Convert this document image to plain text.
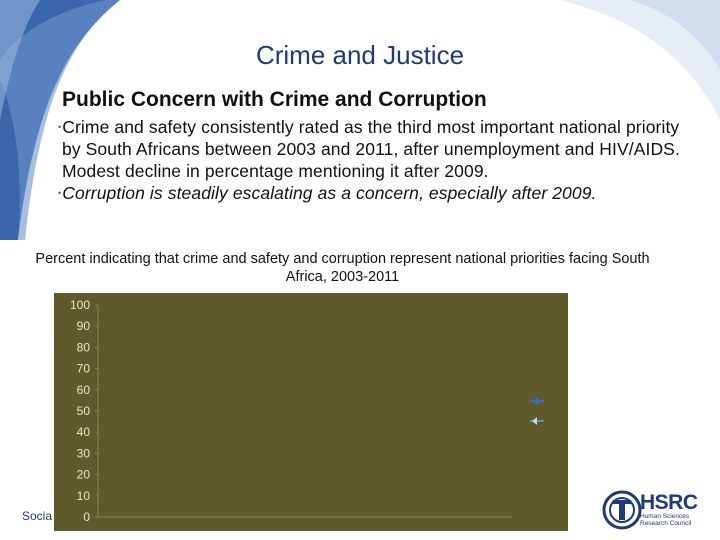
Crime and Justice
Public Concern with Crime and Corruption
•Crime and safety consistently rated as the third most important national priority by South Africans between 2003 and 2011, after unemployment and HIV/AIDS. Modest decline in percentage mentioning it after 2009.
•Corruption is steadily escalating as a concern, especially after 2009.
Percent indicating that crime and safety and corruption represent national priorities facing South Africa, 2003-2011
0
10
20
30
40
50
60
70
80
90
100
Socia
HSRC
Human Sciences Research Council
